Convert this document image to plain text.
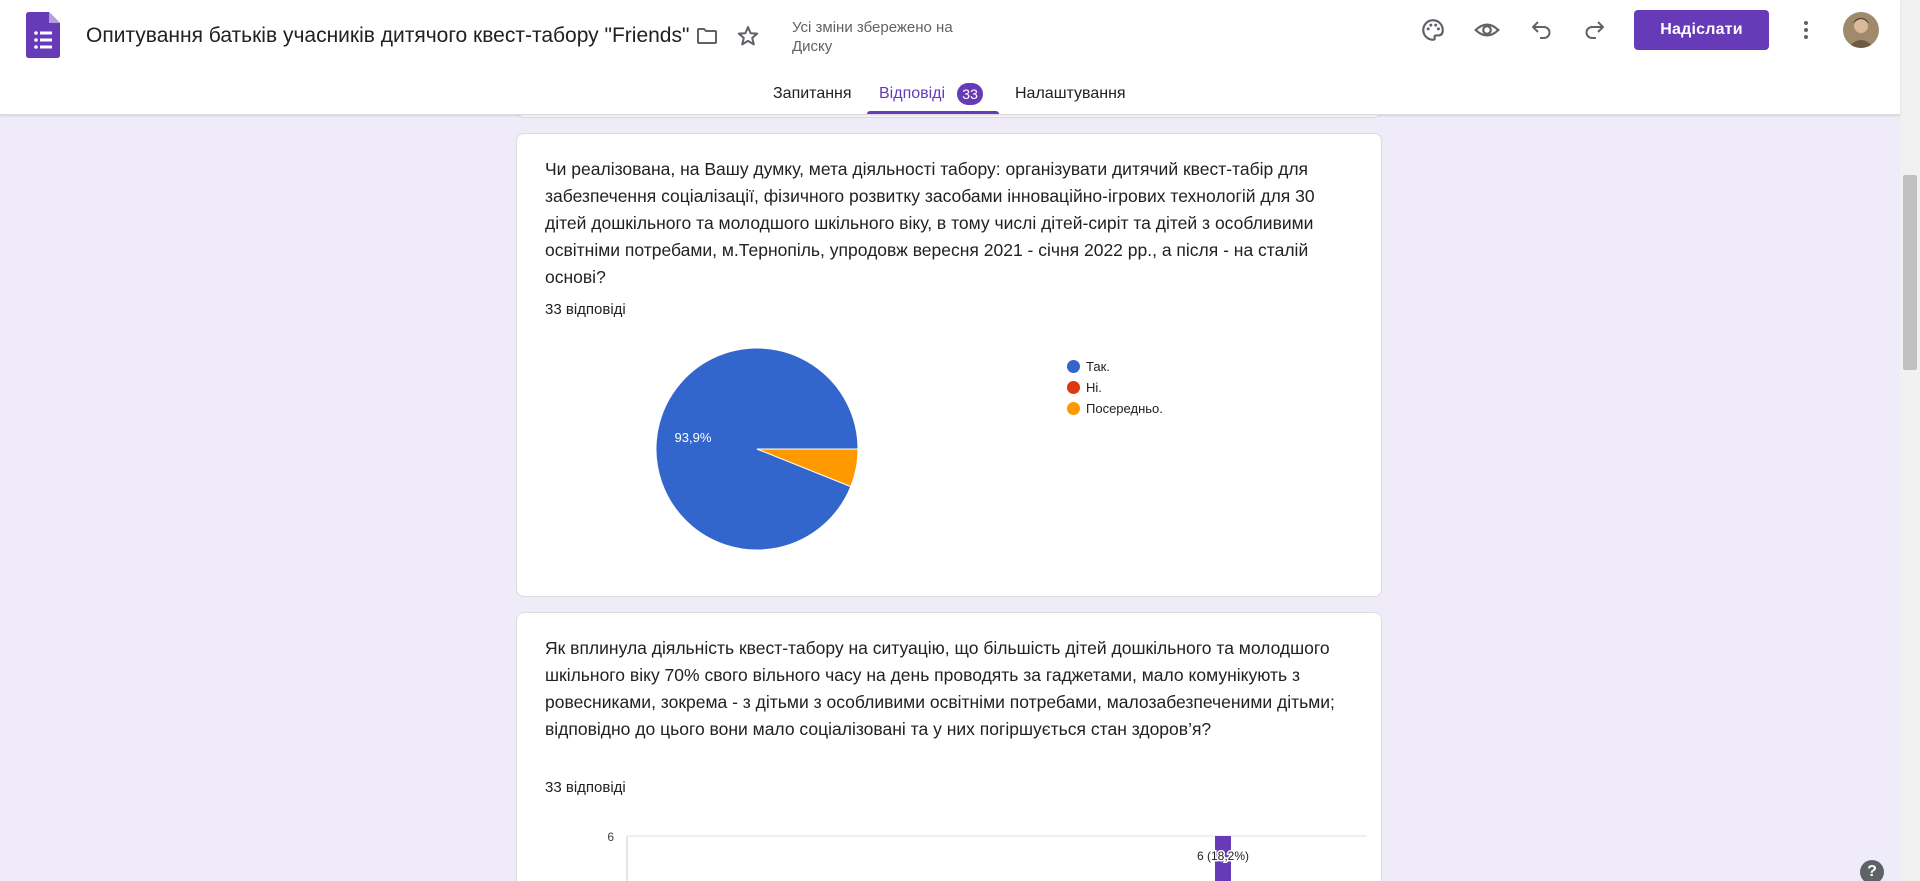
Опитування батьків учасників дитячого квест-табору "Friends"	Усі зміни збережено на Диску
Надіслати
Запитання Відповіді	33	Налаштування
Чи реалізована, на Вашу думку, мета діяльності табору: організувати дитячий квест-табір для забезпечення соціалізації, фізичного розвитку засобами інноваційно-ігрових технологій для 30 дітей дошкільного та молодшого шкільного віку, в тому числі дітей-сиріт та дітей з особливими освітніми потребами, м.Тернопіль, упродовж вересня 2021 - січня 2022 рр., а після - на сталій основі?
33 відповіді
93,9%
Так.
Ні.
Посередньо.
Як вплинула діяльність квест-табору на ситуацію, що більшість дітей дошкільного та молодшого шкільного віку 70% свого вільного часу на день проводять за гаджетами, мало комунікують з ровесниками, зокрема - з дітьми з особливими освітніми потребами, малозабезпеченими дітьми; відповідно до цього вони мало соціалізовані та у них погіршується стан здоров’я?
33 відповіді
6
6 (18,2%)
?
